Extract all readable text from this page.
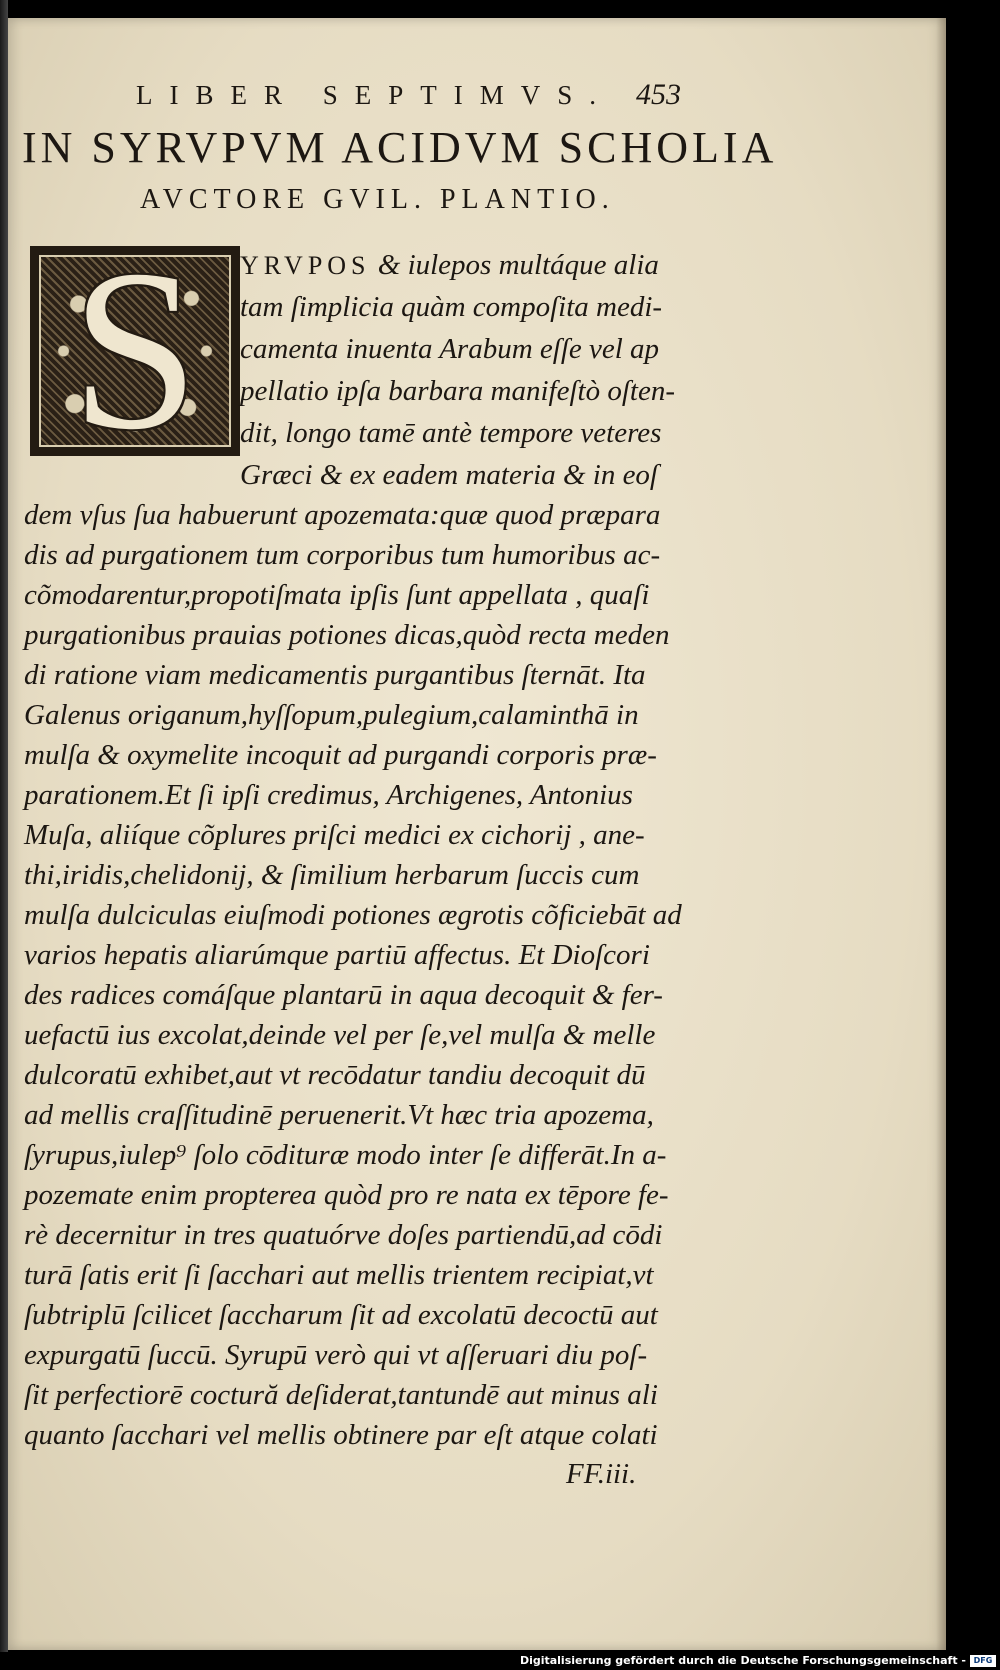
LIBER SEPTIMVS. 453
IN SYRVPVM ACIDVM SCHOLIA
AVCTORE GVIL. PLANTIO.
S	YRVPOS & iulepos multáque alia
tam ſimplicia quàm compoſita medi-
camenta inuenta Arabum eſſe vel ap
pellatio ipſa barbara manifeſtò oſten-
dit, longo tamē antè tempore veteres
Græci & ex eadem materia & in eoſ
dem vſus ſua habuerunt apozemata:quæ quod præpara
dis ad purgationem tum corporibus tum humoribus ac-
cõmodarentur,propotiſmata ipſis ſunt appellata , quaſi
purgationibus prauias potiones dicas,quòd recta meden
di ratione viam medicamentis purgantibus ſternāt. Ita
Galenus origanum,hyſſopum,pulegium,calaminthā in
mulſa & oxymelite incoquit ad purgandi corporis præ-
parationem.Et ſi ipſi credimus, Archigenes, Antonius
Muſa, aliíque cõplures priſci medici ex cichorij , ane-
thi,iridis,chelidonij, & ſimilium herbarum ſuccis cum
mulſa dulciculas eiuſmodi potiones ægrotis cõficiebāt ad
varios hepatis aliarúmque partiū affectus. Et Dioſcori
des radices comáſque plantarū in aqua decoquit & fer-
uefactū ius excolat,deinde vel per ſe,vel mulſa & melle
dulcoratū exhibet,aut vt recōdatur tandiu decoquit dū
ad mellis craſſitudinē peruenerit.Vt hæc tria apozema,
ſyrupus,iulep⁹ ſolo cōdituræ modo inter ſe differāt.In a-
pozemate enim propterea quòd pro re nata ex tēpore fe-
rè decernitur in tres quatuórve doſes partiendū,ad cōdi
turā ſatis erit ſi ſacchari aut mellis trientem recipiat,vt
ſubtriplū ſcilicet ſaccharum ſit ad excolatū decoctū aut
expurgatū ſuccū. Syrupū verò qui vt aſſeruari diu poſ-
ſit perfectiorē coctură deſiderat,tantundē aut minus ali
quanto ſacchari vel mellis obtinere par eſt atque colati
FF.iii.
Digitalisierung gefördert durch die Deutsche Forschungsgemeinschaft - DFG
